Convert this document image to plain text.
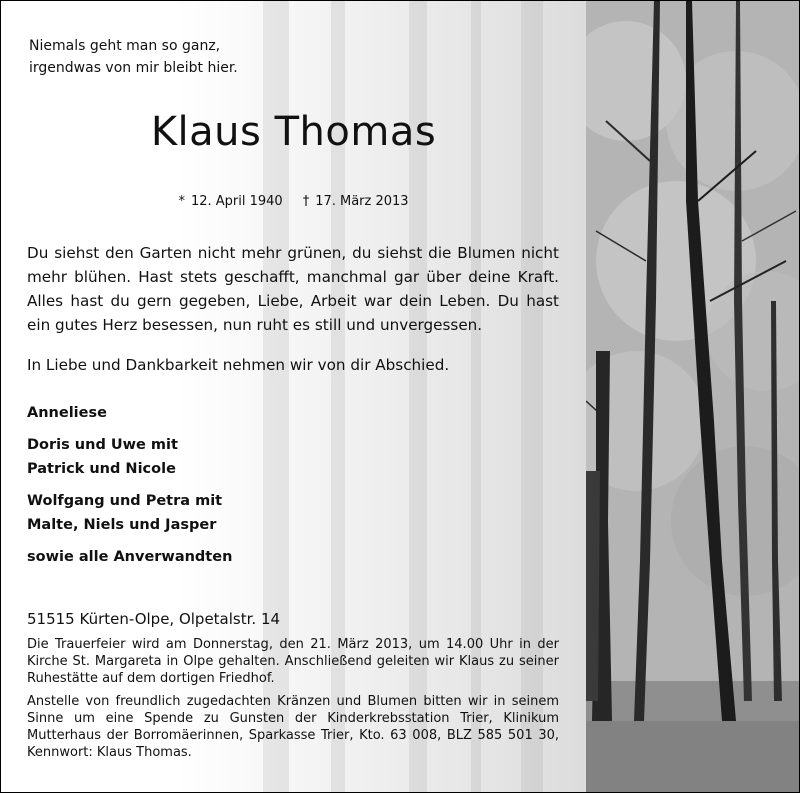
Niemals geht man so ganz,
irgendwas von mir bleibt hier.
Klaus Thomas
* 12. April 1940 † 17. März 2013
Du siehst den Garten nicht mehr grünen, du siehst die Blumen nicht mehr blühen. Hast stets geschafft, manchmal gar über deine Kraft. Alles hast du gern gegeben, Liebe, Arbeit war dein Leben. Du hast ein gutes Herz besessen, nun ruht es still und unvergessen.
In Liebe und Dankbarkeit nehmen wir von dir Abschied.
Anneliese
Doris und Uwe mit
Patrick und Nicole
Wolfgang und Petra mit
Malte, Niels und Jasper
sowie alle Anverwandten
51515 Kürten-Olpe, Olpetalstr. 14

Die Trauerfeier wird am Donnerstag, den 21. März 2013, um 14.00 Uhr in der Kirche St. Margareta in Olpe gehalten. Anschließend geleiten wir Klaus zu seiner Ruhestätte auf dem dortigen Friedhof.

Anstelle von freundlich zugedachten Kränzen und Blumen bitten wir in seinem Sinne um eine Spende zu Gunsten der Kinderkrebsstation Trier, Klinikum Mutterhaus der Borromäerinnen, Sparkasse Trier, Kto. 63 008, BLZ 585 501 30, Kennwort: Klaus Thomas.
